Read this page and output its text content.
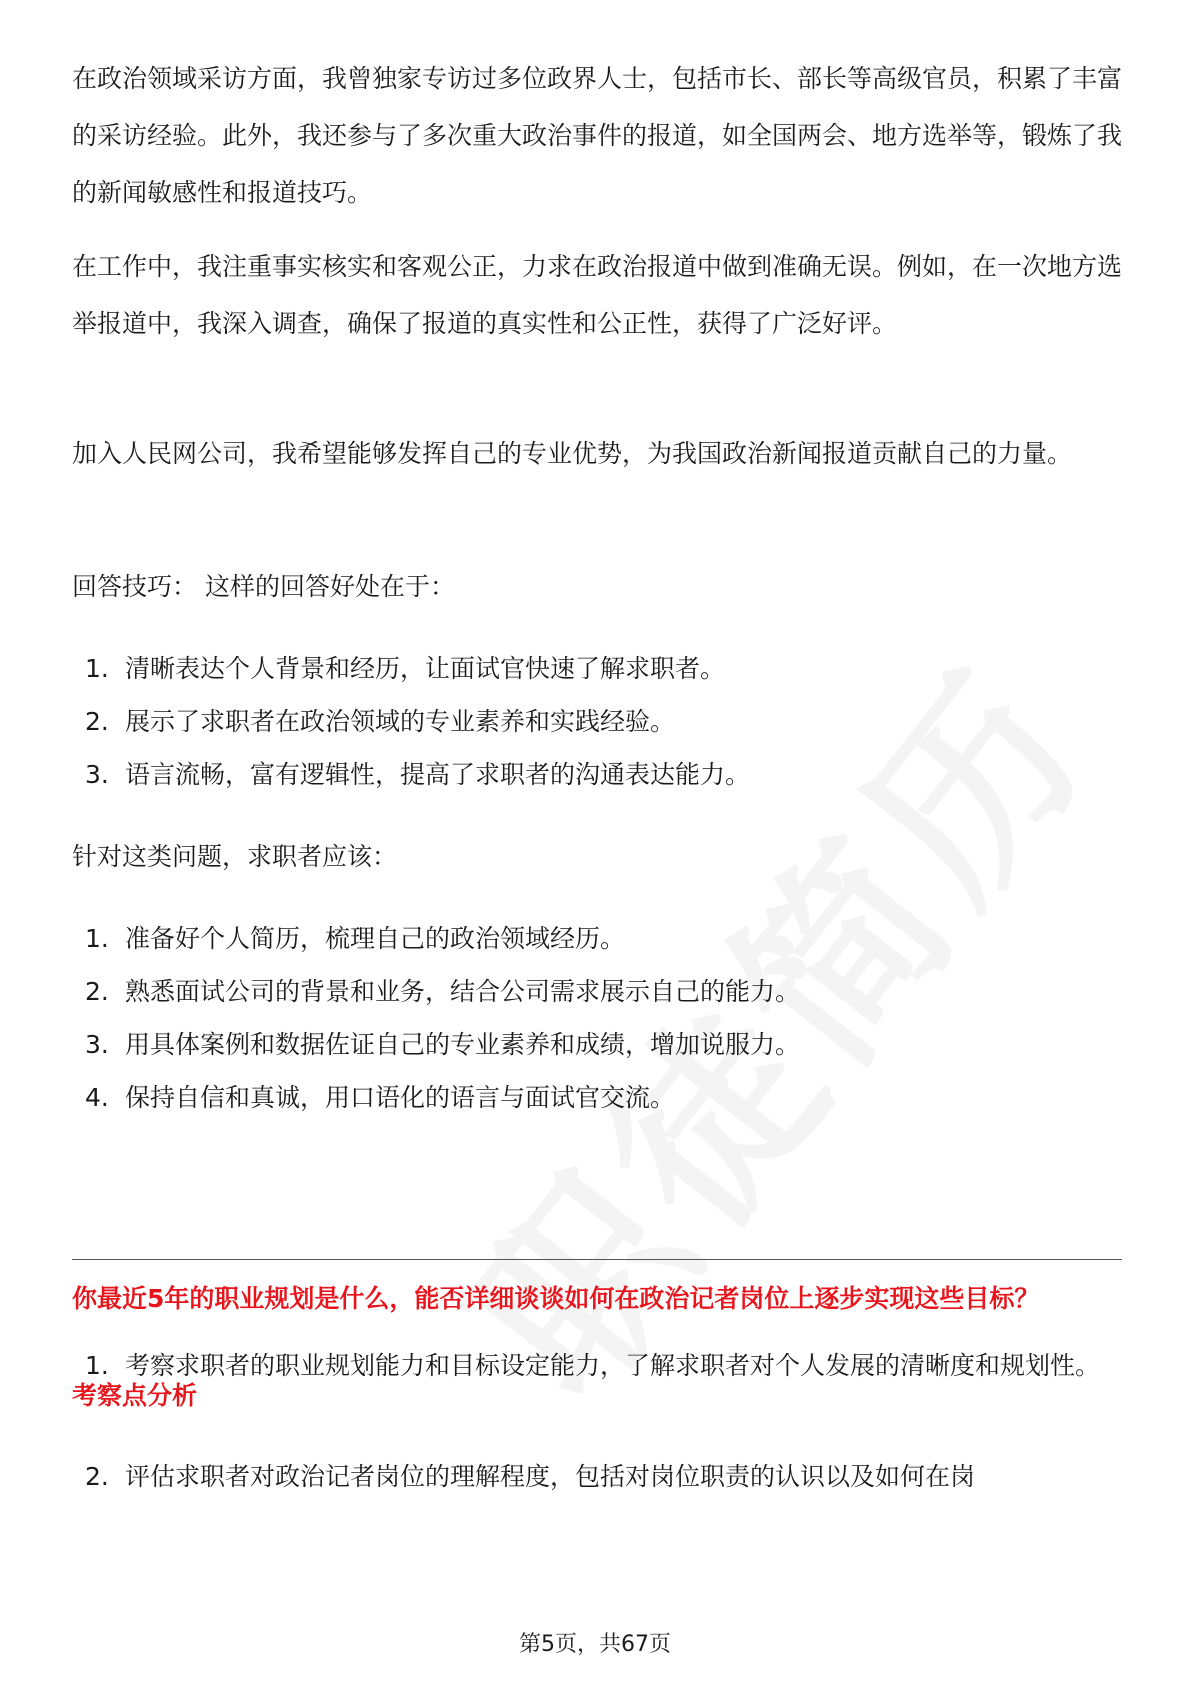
在政治领域采访方面，我曾独家专访过多位政界人士，包括市长、部长等高级官员，积累了丰富的采访经验。此外，我还参与了多次重大政治事件的报道，如全国两会、地方选举等，锻炼了我的新闻敏感性和报道技巧。

在工作中，我注重事实核实和客观公正，力求在政治报道中做到准确无误。例如，在一次地方选举报道中，我深入调查，确保了报道的真实性和公正性，获得了广泛好评。

加入人民网公司，我希望能够发挥自己的专业优势，为我国政治新闻报道贡献自己的力量。

回答技巧： 这样的回答好处在于：

1. 清晰表达个人背景和经历，让面试官快速了解求职者。
2. 展示了求职者在政治领域的专业素养和实践经验。
3. 语言流畅，富有逻辑性，提高了求职者的沟通表达能力。

针对这类问题，求职者应该：

1. 准备好个人简历，梳理自己的政治领域经历。
2. 熟悉面试公司的背景和业务，结合公司需求展示自己的能力。
3. 用具体案例和数据佐证自己的专业素养和成绩，增加说服力。
4. 保持自信和真诚，用口语化的语言与面试官交流。
你最近5年的职业规划是什么，能否详细谈谈如何在政治记者岗位上逐步实现这些目标？
考察点分析
1. 考察求职者的职业规划能力和目标设定能力，了解求职者对个人发展的清晰度和规划性。
2. 评估求职者对政治记者岗位的理解程度，包括对岗位职责的认识以及如何在岗
第5页，共67页
